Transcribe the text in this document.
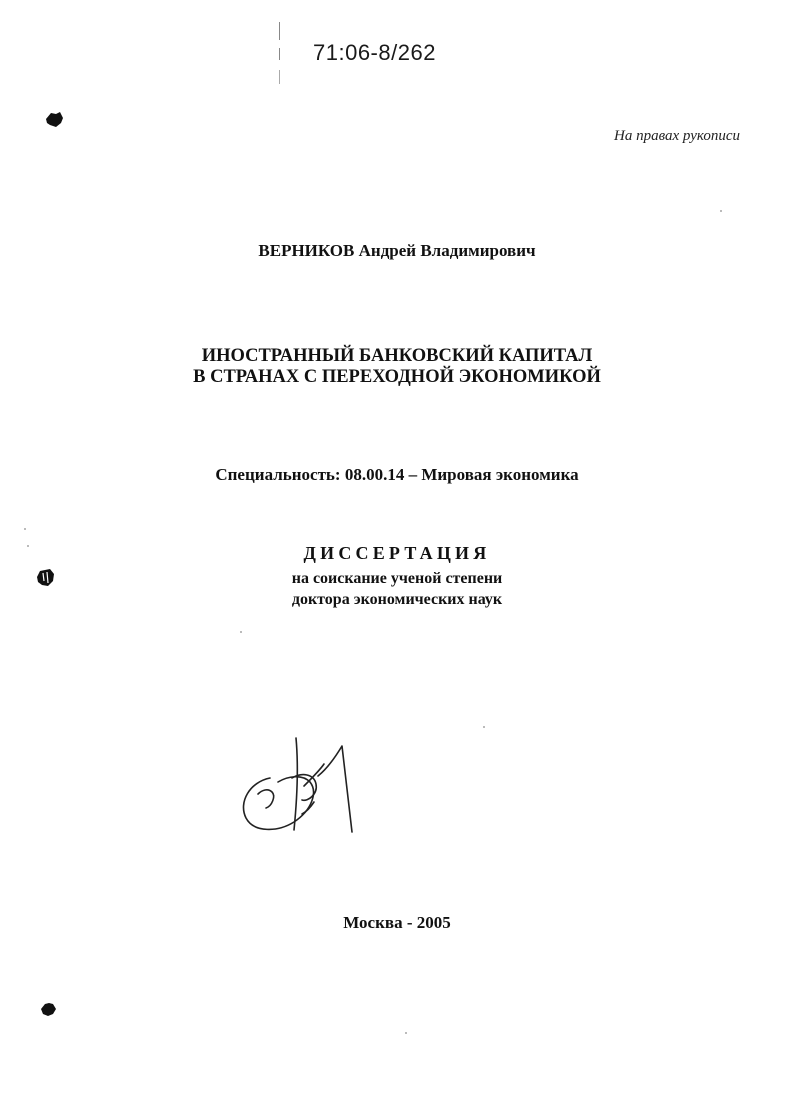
71:06-8/262
На правах рукописи
ВЕРНИКОВ Андрей Владимирович
ИНОСТРАННЫЙ БАНКОВСКИЙ КАПИТАЛ
В СТРАНАХ С ПЕРЕХОДНОЙ ЭКОНОМИКОЙ
Специальность: 08.00.14 – Мировая экономика
ДИССЕРТАЦИЯ
на соискание ученой степени
доктора экономических наук
Москва - 2005
